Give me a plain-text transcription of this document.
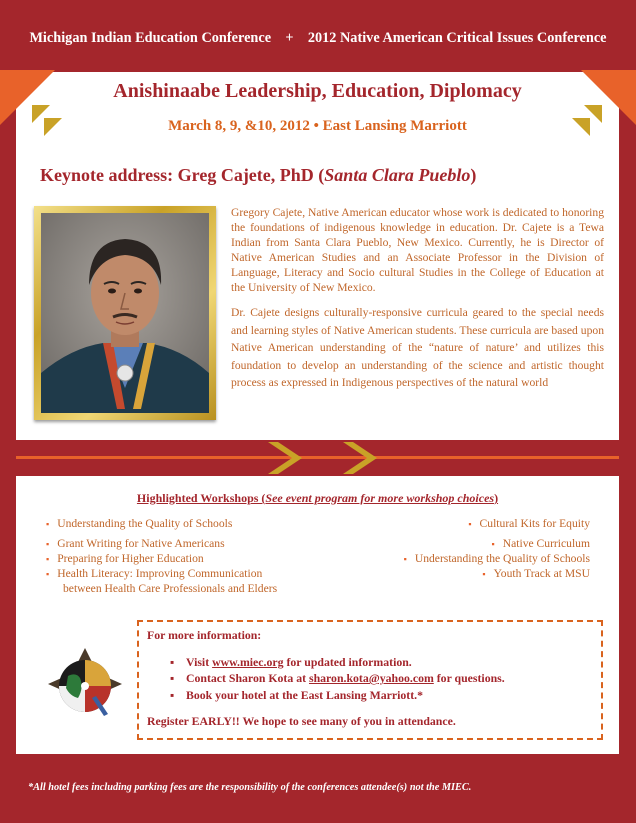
Michigan Indian Education Conference + 2012 Native American Critical Issues Conference
Anishinaabe Leadership, Education, Diplomacy
March 8, 9, &10, 2012 • East Lansing Marriott
Keynote address: Greg Cajete, PhD (Santa Clara Pueblo)
Gregory Cajete, Native American educator whose work is dedicated to honoring the foundations of indigenous knowledge in education. Dr. Cajete is a Tewa Indian from Santa Clara Pueblo, New Mexico. Currently, he is Director of Native American Studies and an Associate Professor in the Division of Language, Literacy and Socio cultural Studies in the College of Education at the University of New Mexico.
Dr. Cajete designs culturally-responsive curricula geared to the special needs and learning styles of Native American students. These curricula are based upon Native American understanding of the “nature of nature’ and utilizes this foundation to develop an understanding of the science and artistic thought process as expressed in Indigenous perspectives of the natural world
Highlighted Workshops (See event program for more workshop choices)
▪ Understanding the Quality of Schools
▪ Grant Writing for Native Americans
▪ Preparing for Higher Education
▪ Health Literacy: Improving Communication
between Health Care Professionals and Elders
▪ Cultural Kits for Equity
▪ Native Curriculum
▪ Understanding the Quality of Schools
▪ Youth Track at MSU
For more information:
▪ Visit www.miec.org for updated information.
▪ Contact Sharon Kota at sharon.kota@yahoo.com for questions.
▪ Book your hotel at the East Lansing Marriott.*
Register EARLY!! We hope to see many of you in attendance.
*All hotel fees including parking fees are the responsibility of the conferences attendee(s) not the MIEC.
